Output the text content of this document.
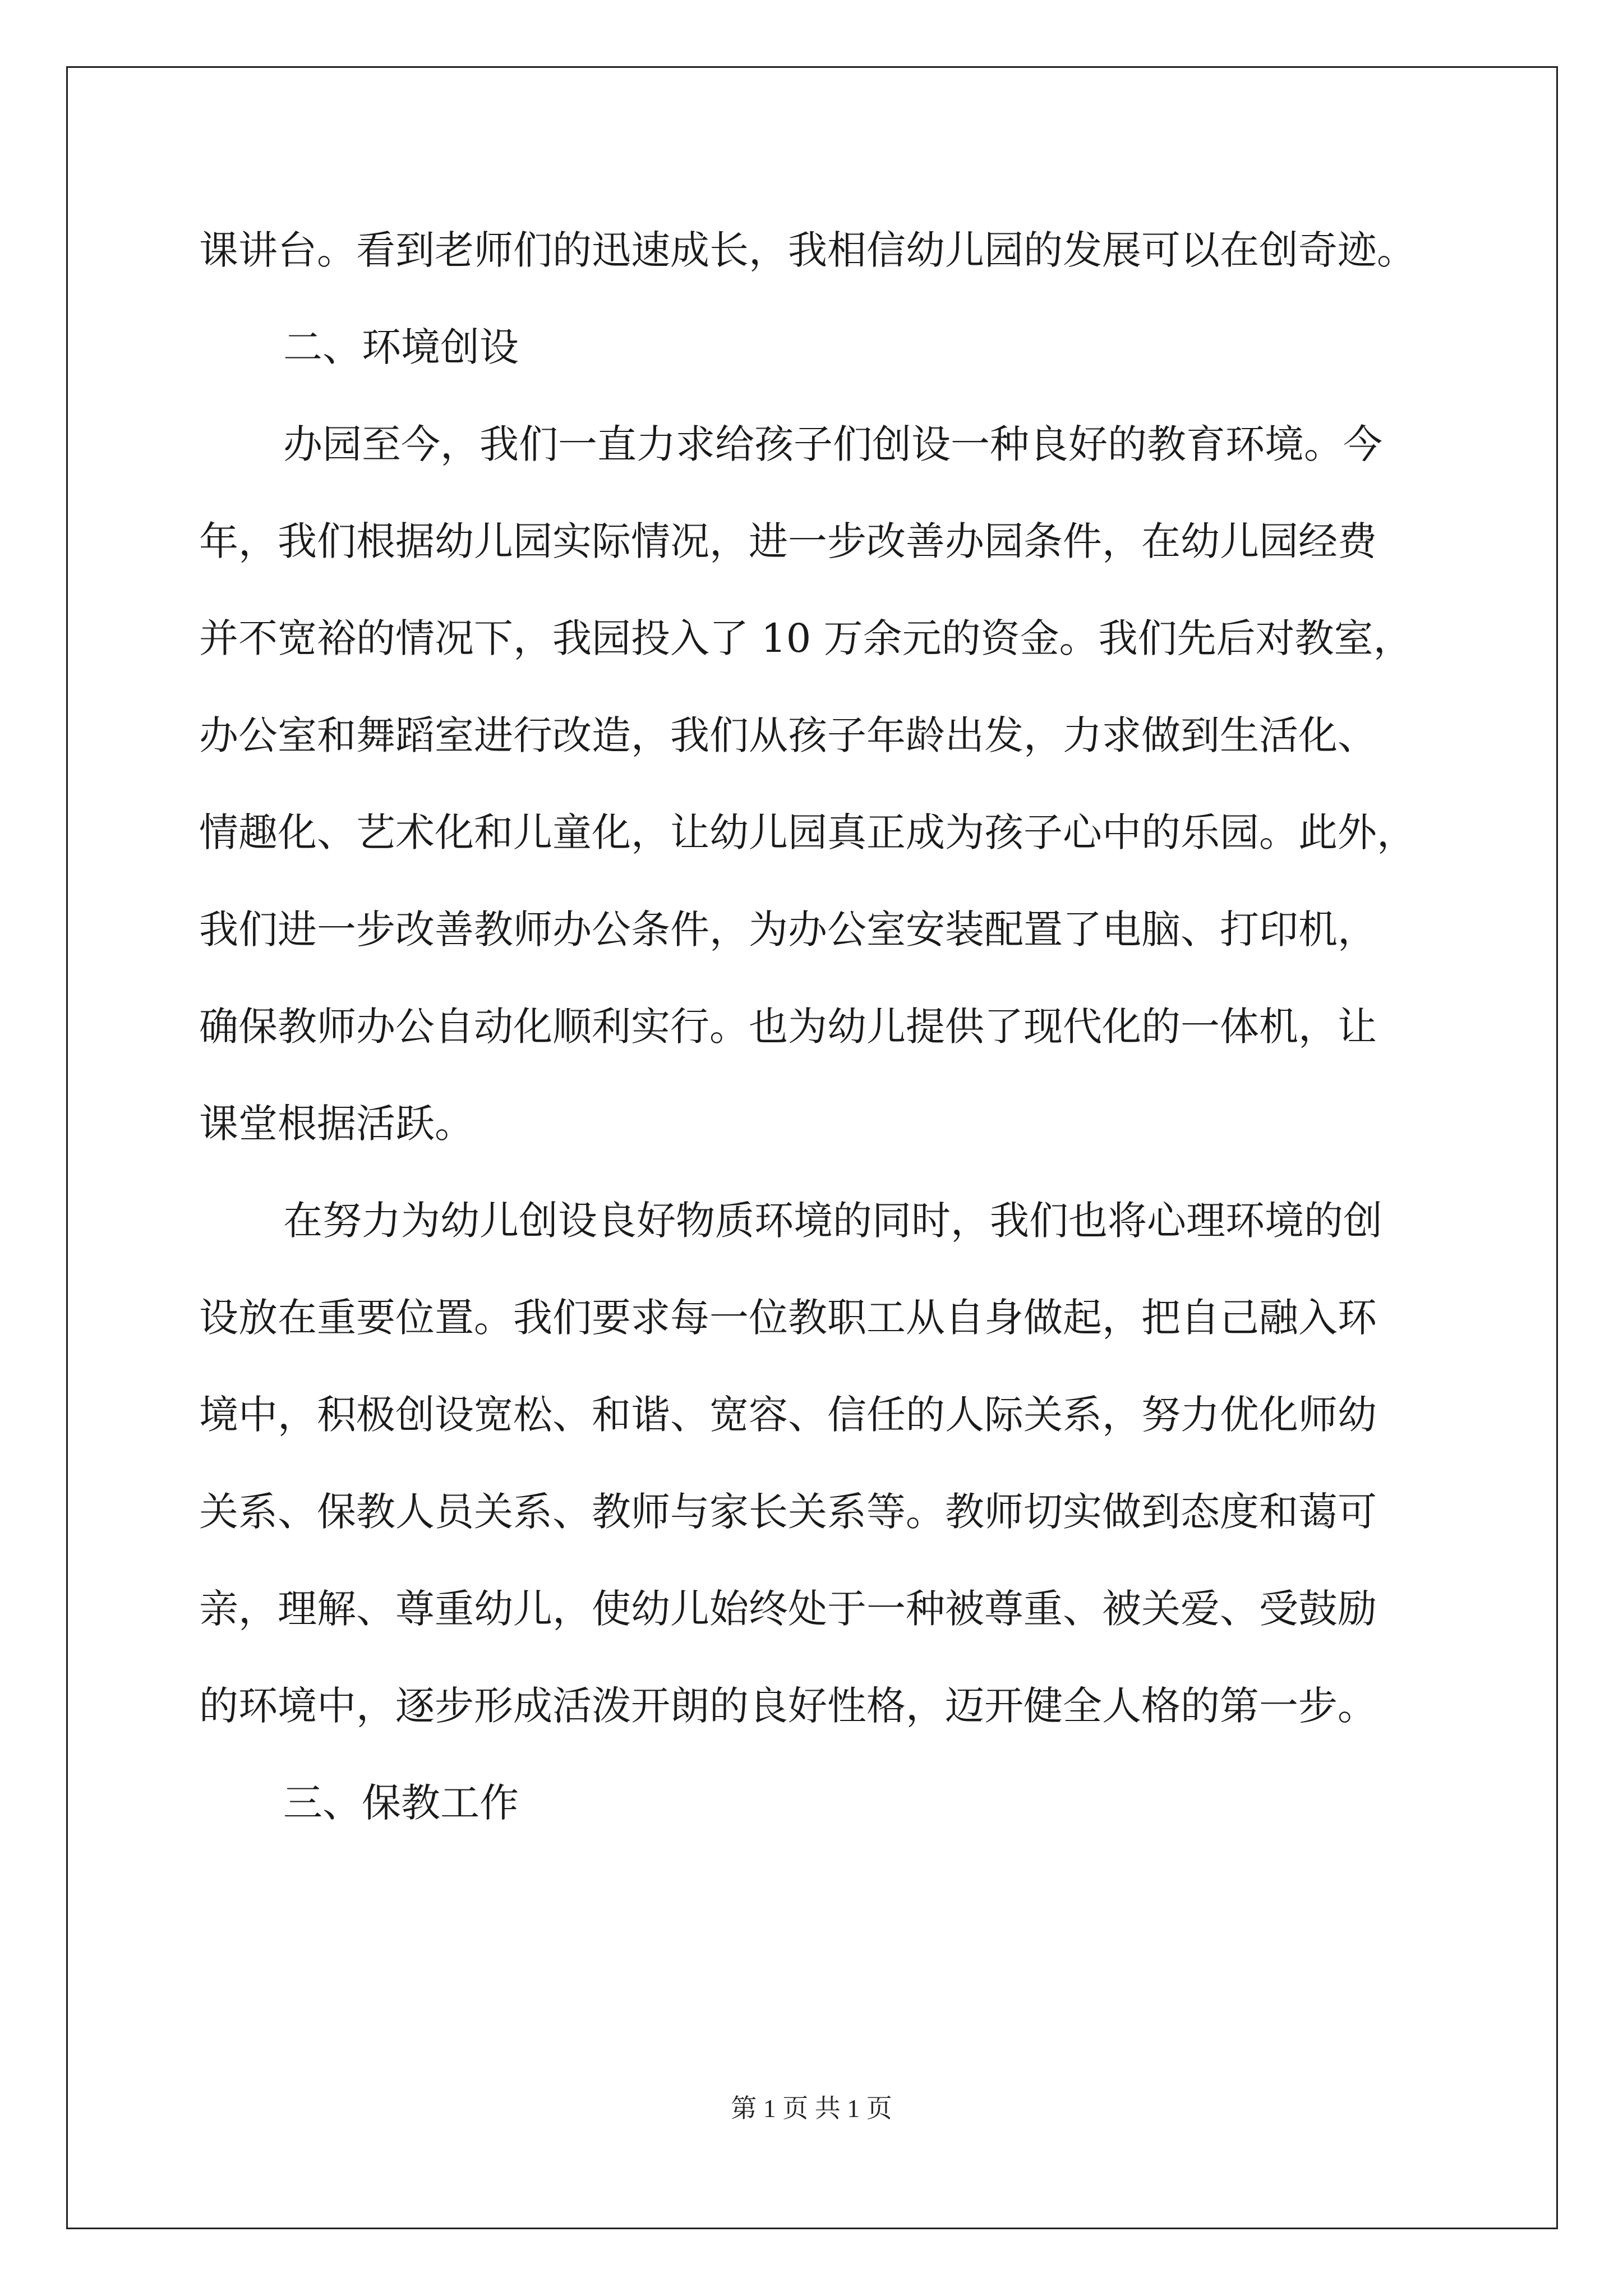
课讲台。看到老师们的迅速成长，我相信幼儿园的发展可以在创奇迹。

二、环境创设

办园至今，我们一直力求给孩子们创设一种良好的教育环境。今

年，我们根据幼儿园实际情况，进一步改善办园条件，在幼儿园经费

并不宽裕的情况下，我园投入了 10 万余元的资金。我们先后对教室，

办公室和舞蹈室进行改造，我们从孩子年龄出发，力求做到生活化、

情趣化、艺术化和儿童化，让幼儿园真正成为孩子心中的乐园。此外，

我们进一步改善教师办公条件，为办公室安装配置了电脑、打印机，

确保教师办公自动化顺利实行。也为幼儿提供了现代化的一体机，让

课堂根据活跃。

在努力为幼儿创设良好物质环境的同时，我们也将心理环境的创

设放在重要位置。我们要求每一位教职工从自身做起，把自己融入环

境中，积极创设宽松、和谐、宽容、信任的人际关系，努力优化师幼

关系、保教人员关系、教师与家长关系等。教师切实做到态度和蔼可

亲，理解、尊重幼儿，使幼儿始终处于一种被尊重、被关爱、受鼓励

的环境中，逐步形成活泼开朗的良好性格，迈开健全人格的第一步。

三、保教工作

第 1 页 共 1 页
